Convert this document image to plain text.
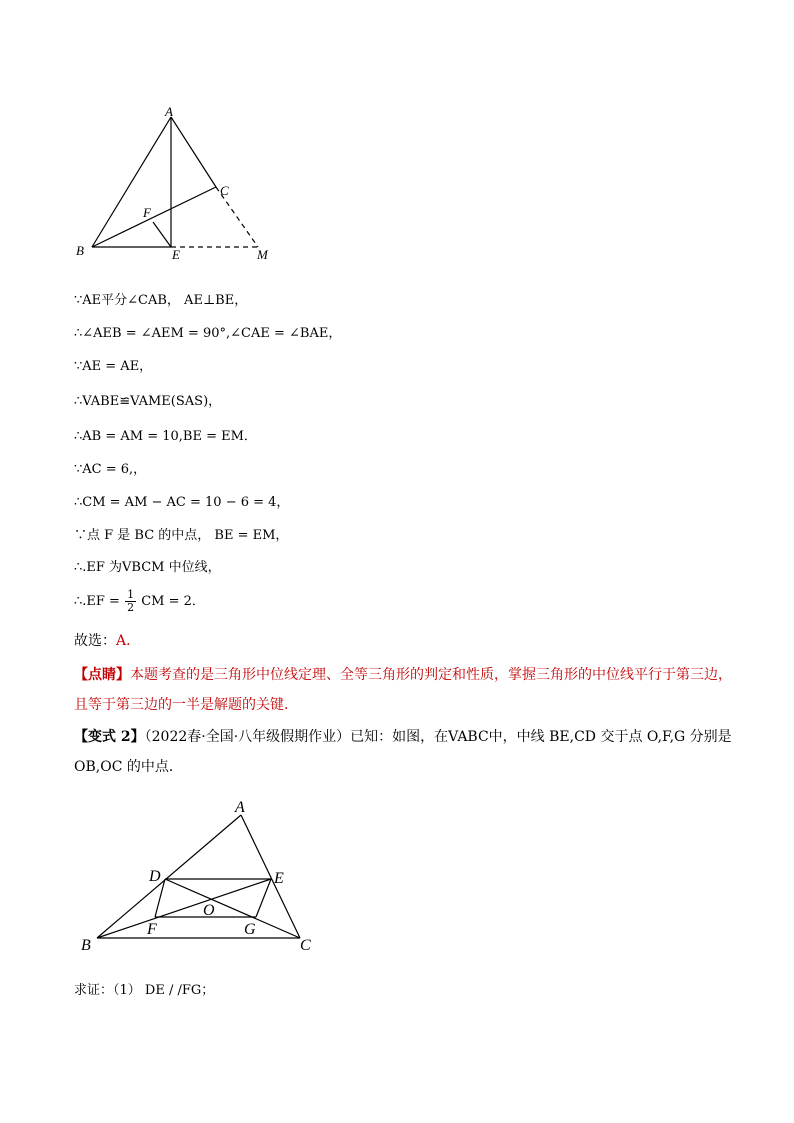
A
C
F
B	E	M
∵AE平分∠CAB， AE⊥BE，
∴∠AEB = ∠AEM = 90°,∠CAE = ∠BAE，
∵AE = AE，
∴VABE≌VAME(SAS)，
∴AB = AM = 10,BE = EM．
∵AC = 6,，
∴CM = AM − AC = 10 − 6 = 4，
∵点 F 是 BC 的中点， BE = EM，
∴.EF 为VBCM 中位线，
∴.EF = $\frac{1}{2}$ CM = 2．
故选：A．
【点睛】本题考查的是三角形中位线定理、全等三角形的判定和性质，掌握三角形的中位线平行于第三边，
且等于第三边的一半是解题的关键．
【变式 2】（2022春·全国·八年级假期作业）已知：如图，在VABC中，中线 BE,CD 交于点 O,F,G 分别是
OB,OC 的中点．
A
D	E
O
F	G
B	C
求证：（1） DE / /FG；
